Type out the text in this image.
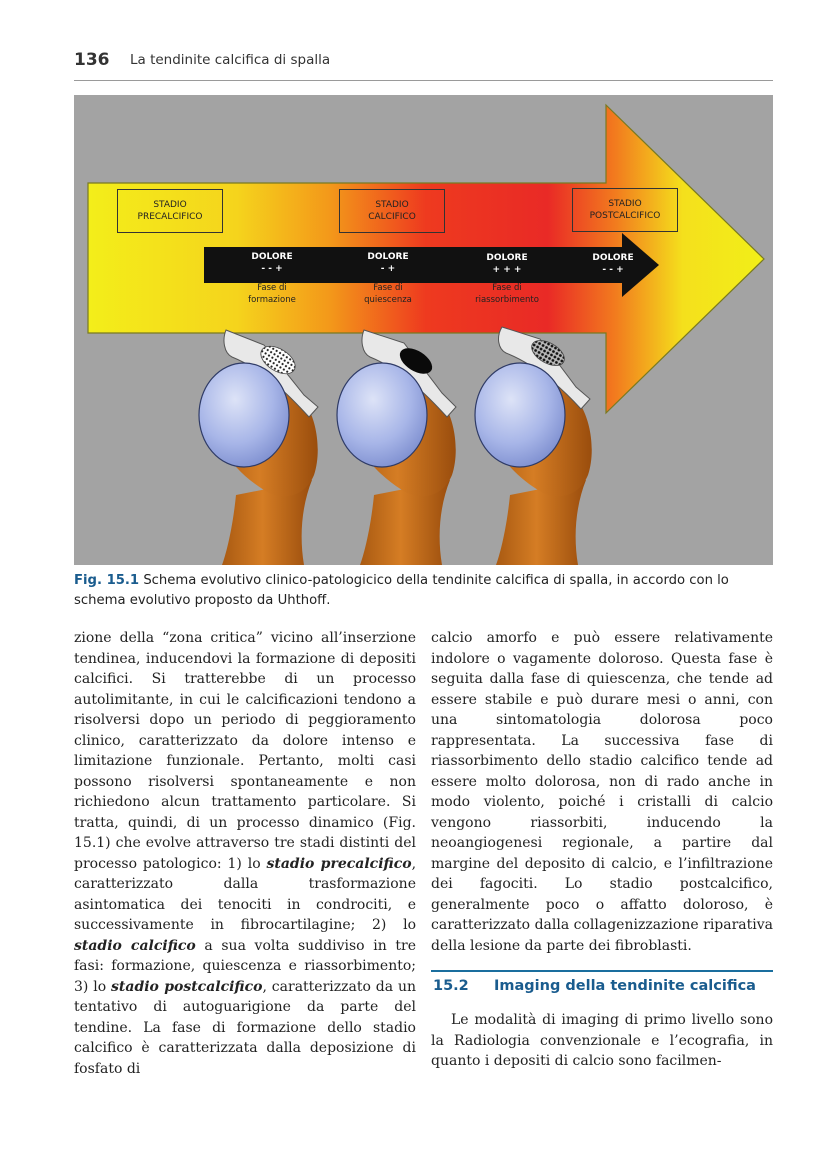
136 La tendinite calcifica di spalla
STADIO
PRECALCIFICO
STADIO
CALCIFICO
STADIO
POSTCALCIFICO
DOLORE
- - +
DOLORE
- +
DOLORE
+ + +
DOLORE
- - +
Fase di
formazione
Fase di
quiescenza
Fase di
riassorbimento
Fig. 15.1 Schema evolutivo clinico-patologicico della tendinite calcifica di spalla, in accordo con lo schema evolutivo proposto da Uhthoff.

zione della “zona critica” vicino all’inserzione tendinea, inducendovi la formazione di depositi calcifici. Si tratterebbe di un processo autolimitante, in cui le calcificazioni tendono a risolversi dopo un periodo di peggioramento clinico, caratterizzato da dolore intenso e limitazione funzionale. Pertanto, molti casi possono risolversi spontaneamente e non richiedono alcun trattamento particolare. Si tratta, quindi, di un processo dinamico (Fig. 15.1) che evolve attraverso tre stadi distinti del processo patologico: 1) lo stadio precalcifico, caratterizzato dalla trasformazione asintomatica dei tenociti in condrociti, e successivamente in fibrocartilagine; 2) lo stadio calcifico a sua volta suddiviso in tre fasi: formazione, quiescenza e riassorbimento; 3) lo stadio postcalcifico, caratterizzato da un tentativo di autoguarigione da parte del tendine. La fase di formazione dello stadio calcifico è caratterizzata dalla deposizione di fosfato di

calcio amorfo e può essere relativamente indolore o vagamente doloroso. Questa fase è seguita dalla fase di quiescenza, che tende ad essere stabile e può durare mesi o anni, con una sintomatologia dolorosa poco rappresentata. La successiva fase di riassorbimento dello stadio calcifico tende ad essere molto dolorosa, non di rado anche in modo violento, poiché i cristalli di calcio vengono riassorbiti, inducendo la neoangiogenesi regionale, a partire dal margine del deposito di calcio, e l’infiltrazione dei fagociti. Lo stadio postcalcifico, generalmente poco o affatto doloroso, è caratterizzato dalla collagenizzazione riparativa della lesione da parte dei fibroblasti.

15.2 Imaging della tendinite calcifica

Le modalità di imaging di primo livello sono la Radiologia convenzionale e l’ecografia, in quanto i depositi di calcio sono facilmen-
